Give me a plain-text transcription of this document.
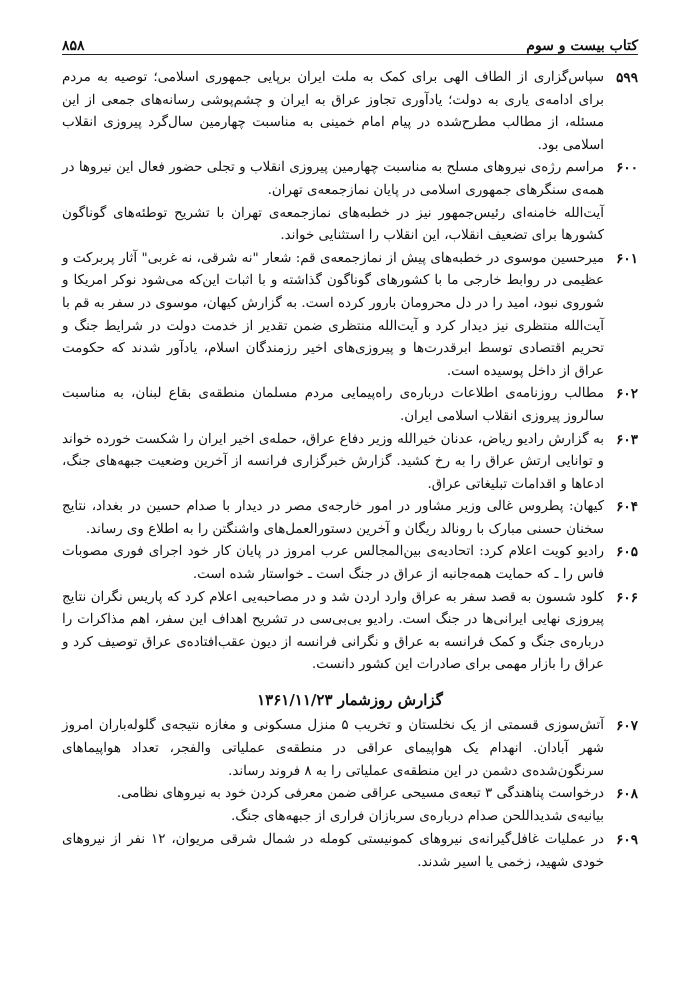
کتاب بیست و سوم
۸۵۸
۵۹۹

سپاس‌گزاری از الطاف الهی برای کمک به ملت ایران برپایی جمهوری اسلامی؛ توصیه به مردم برای ادامه‌ی یاری به دولت؛ یادآوری تجاوز عراق به ایران و چشم‌پوشی رسانه‌های جمعی از این مسئله، از مطالب مطرح‌شده در پیام امام خمینی به مناسبت چهارمین سال‌گرد پیروزی انقلاب اسلامی بود.

۶۰۰

مراسم رژه‌ی نیروهای مسلح به مناسبت چهارمین پیروزی انقلاب و تجلی حضور فعال این نیروها در همه‌ی سنگرهای جمهوری اسلامی در پایان نمازجمعه‌ی تهران.

آیت‌الله خامنه‌ای رئیس‌جمهور نیز در خطبه‌های نمازجمعه‌ی تهران با تشریح توطئه‌های گوناگون کشورها برای تضعیف انقلاب، این انقلاب را استثنایی خواند.

۶۰۱

میرحسین موسوی در خطبه‌های پیش از نمازجمعه‌ی قم: شعار "نه شرقی، نه غربی" آثار پربرکت و عظیمی در روابط خارجی ما با کشورهای گوناگون گذاشته و با اثبات این‌که می‌شود نوکر امریکا و شوروی نبود، امید را در دل محرومان بارور کرده است. به گزارش کیهان، موسوی در سفر به قم با آیت‌الله منتظری نیز دیدار کرد و آیت‌الله منتظری ضمن تقدیر از خدمت دولت در شرایط جنگ و تحریم اقتصادی توسط ابرقدرت‌ها و پیروزی‌های اخیر رزمندگان اسلام، یادآور شدند که حکومت عراق از داخل پوسیده است.

۶۰۲

مطالب روزنامه‌ی اطلاعات درباره‌ی راه‌پیمایی مردم مسلمان منطقه‌ی بقاع لبنان، به مناسبت سالروز پیروزی انقلاب اسلامی ایران.

۶۰۳

به گزارش رادیو ریاض، عدنان خیرالله وزیر دفاع عراق، حمله‌ی اخیر ایران را شکست خورده خواند و توانایی ارتش عراق را به رخ کشید. گزارش خبرگزاری فرانسه از آخرین وضعیت جبهه‌های جنگ، ادعاها و اقدامات تبلیغاتی عراق.

۶۰۴

کیهان: پطروس غالی وزیر مشاور در امور خارجه‌ی مصر در دیدار با صدام حسین در بغداد، نتایج سخنان حسنی مبارک با رونالد ریگان و آخرین دستورالعمل‌های واشنگتن را به اطلاع وی رساند.

۶۰۵

رادیو کویت اعلام کرد: اتحادیه‌ی بین‌المجالس عرب امروز در پایان کار خود اجرای فوری مصوبات فاس را ـ که حمایت همه‌جانبه از عراق در جنگ است ـ خواستار شده است.

۶۰۶

کلود شسون به قصد سفر به عراق وارد اردن شد و در مصاحبه‌یی اعلام کرد که پاریس نگران نتایج پیروزی نهایی ایرانی‌ها در جنگ است. رادیو بی‌بی‌سی در تشریح اهداف این سفر، اهم مذاکرات را درباره‌ی جنگ و کمک فرانسه به عراق و نگرانی فرانسه از دیون عقب‌افتاده‌ی عراق توصیف کرد و عراق را بازار مهمی برای صادرات این کشور دانست.

گزارش روزشمار ۱۳۶۱/۱۱/۲۳
۶۰۷

آتش‌سوزی قسمتی از یک نخلستان و تخریب ۵ منزل مسکونی و مغازه نتیجه‌ی گلوله‌باران امروز شهر آبادان. انهدام یک هواپیمای عراقی در منطقه‌ی عملیاتی والفجر، تعداد هواپیماهای سرنگون‌شده‌ی دشمن در این منطقه‌ی عملیاتی را به ۸ فروند رساند.

۶۰۸

درخواست پناهندگی ۳ تبعه‌ی مسیحی عراقی ضمن معرفی کردن خود به نیروهای نظامی.

بیانیه‌ی شدیداللحن صدام درباره‌ی سربازان فراری از جبهه‌های جنگ.

۶۰۹

در عملیات غافل‌گیرانه‌ی نیروهای کمونیستی کومله در شمال شرقی مریوان، ۱۲ نفر از نیروهای خودی شهید، زخمی یا اسیر شدند.
